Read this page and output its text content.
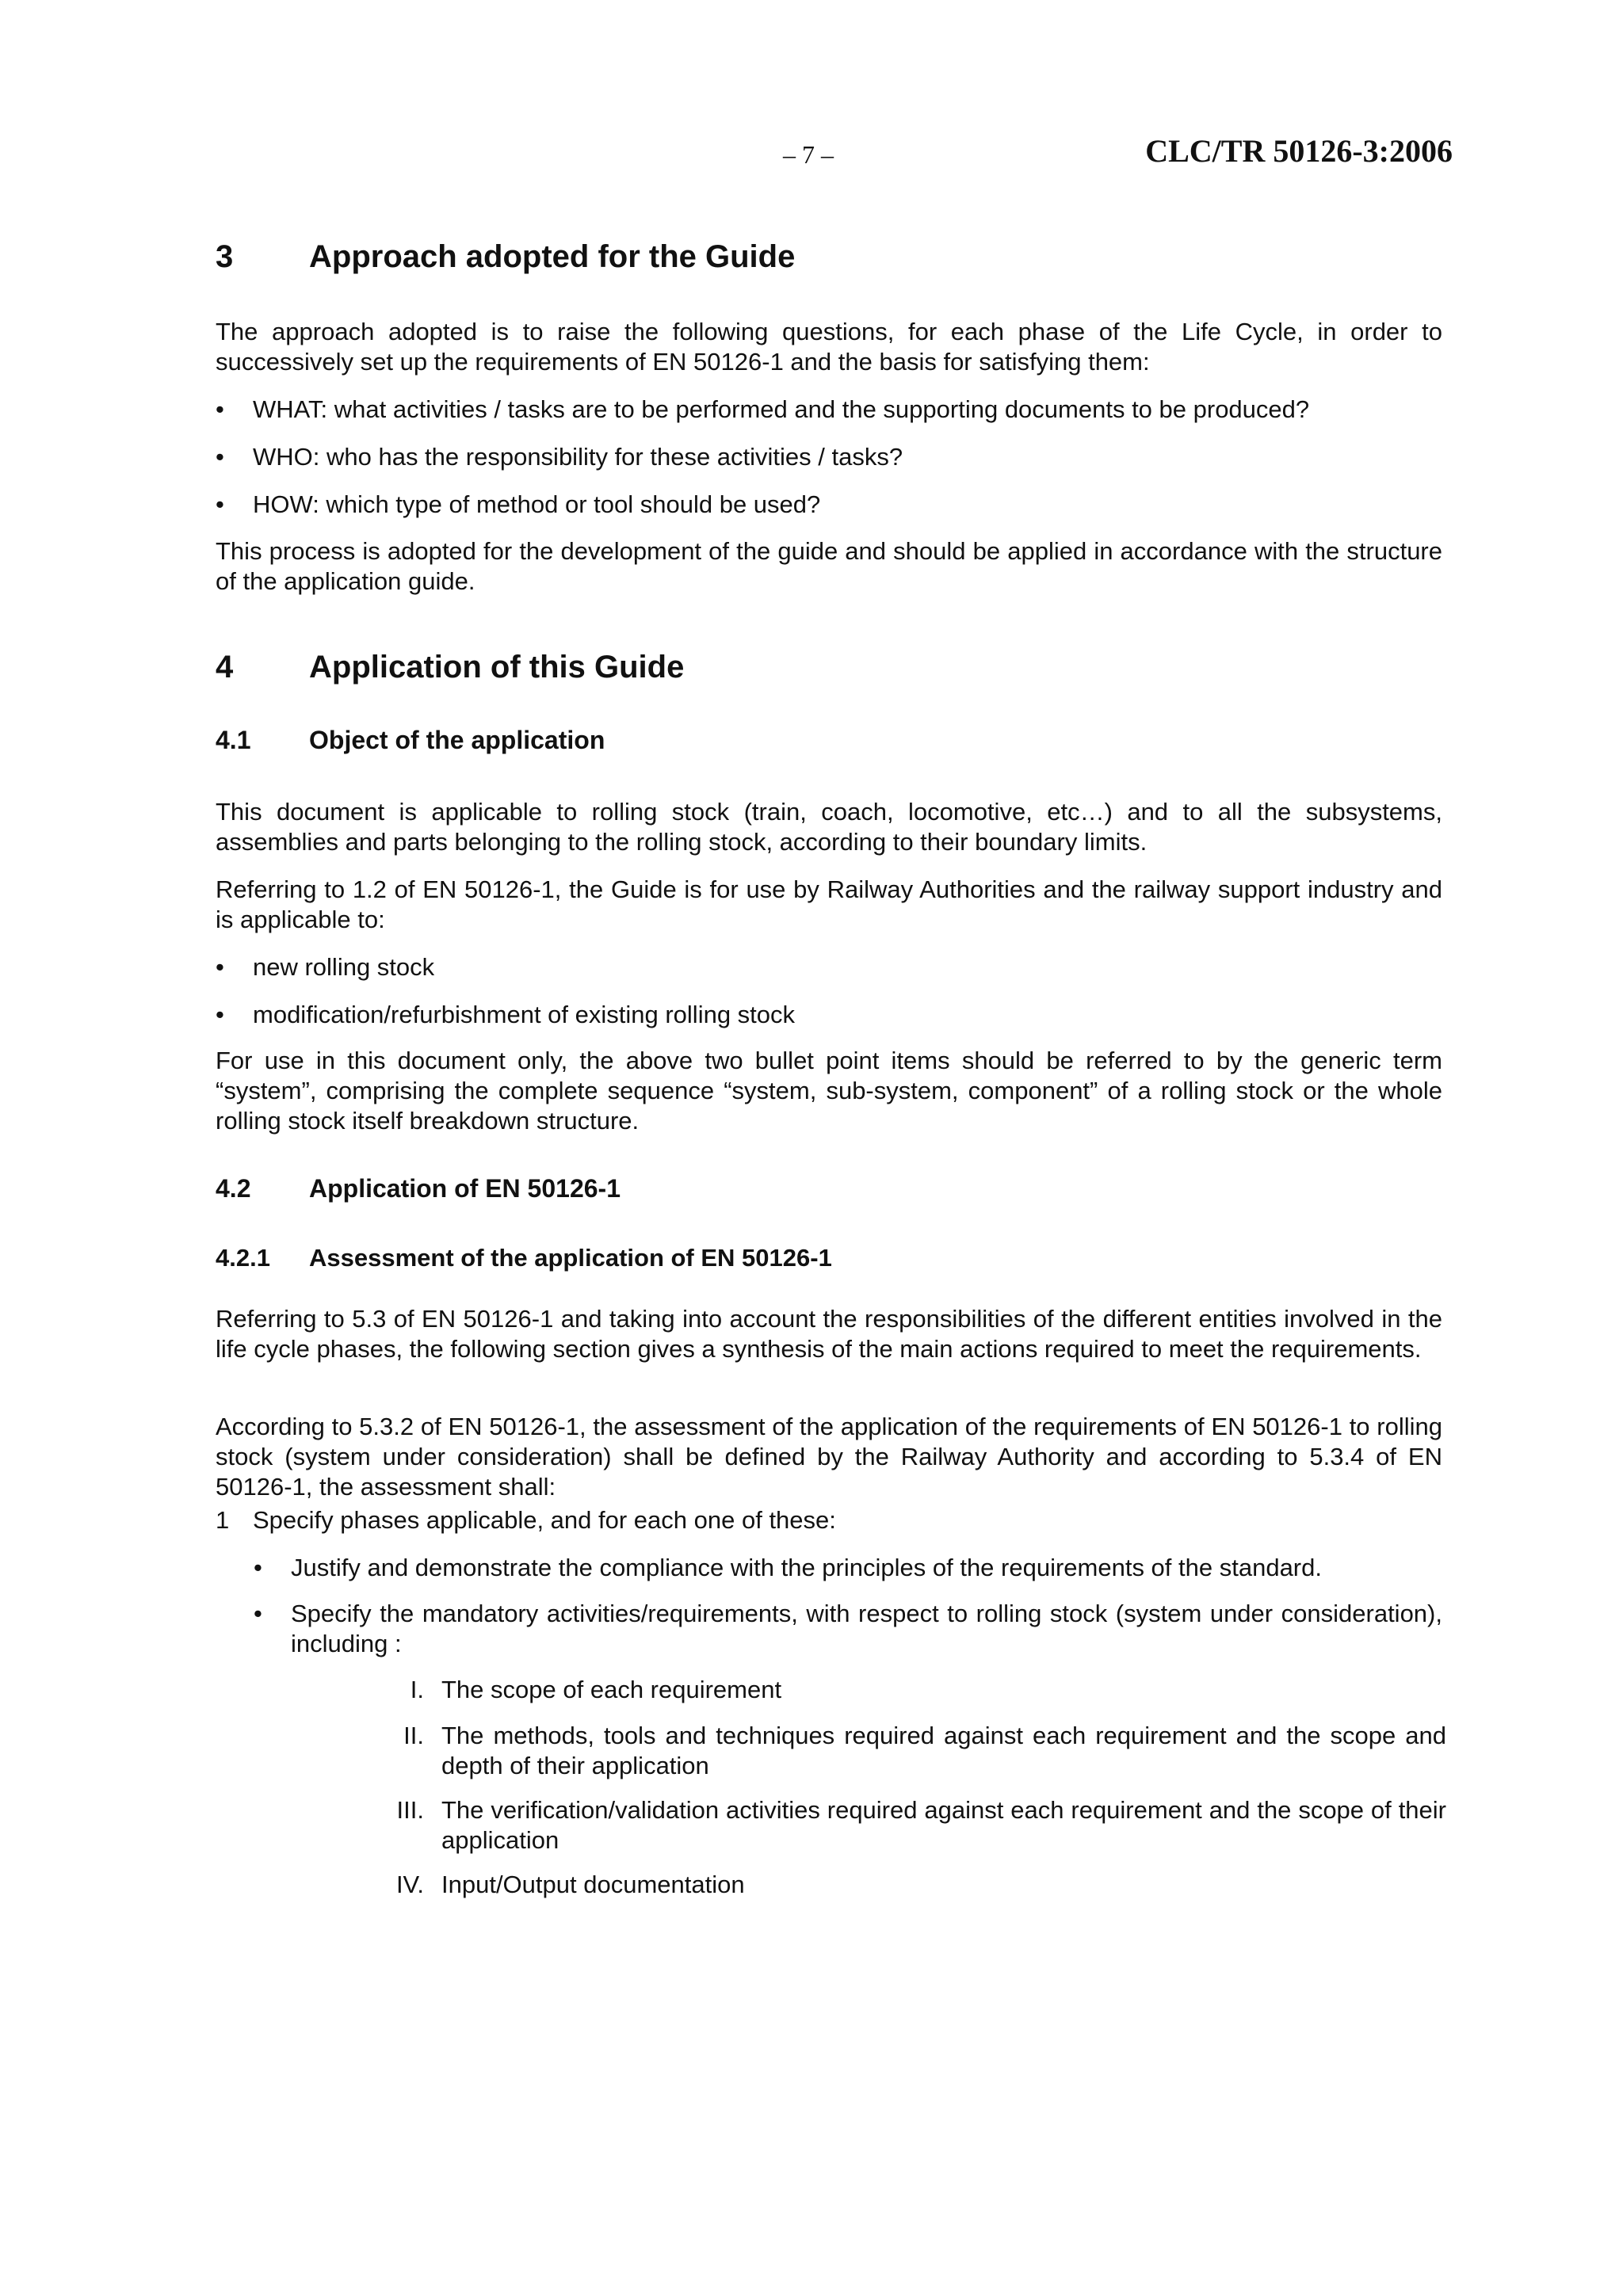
– 7 –	CLC/TR 50126-3:2006
3	Approach adopted for the Guide
The approach adopted is to raise the following questions, for each phase of the Life Cycle, in order to successively set up the requirements of EN 50126-1 and the basis for satisfying them:
• WHAT: what activities / tasks are to be performed and the supporting documents to be produced?
• WHO: who has the responsibility for these activities / tasks?
• HOW: which type of method or tool should be used?
This process is adopted for the development of the guide and should be applied in accordance with the structure of the application guide.
4	Application of this Guide
4.1	Object of the application
This document is applicable to rolling stock (train, coach, locomotive, etc…) and to all the subsystems, assemblies and parts belonging to the rolling stock, according to their boundary limits.
Referring to 1.2 of EN 50126-1, the Guide is for use by Railway Authorities and the railway support industry and is applicable to:
• new rolling stock
• modification/refurbishment of existing rolling stock
For use in this document only, the above two bullet point items should be referred to by the generic term “system”, comprising the complete sequence “system, sub-system, component” of a rolling stock or the whole rolling stock itself breakdown structure.
4.2	Application of EN 50126-1
4.2.1	Assessment of the application of EN 50126-1
Referring to 5.3 of EN 50126-1 and taking into account the responsibilities of the different entities involved in the life cycle phases, the following section gives a synthesis of the main actions required to meet the requirements.
According to 5.3.2 of EN 50126-1, the assessment of the application of the requirements of EN 50126-1 to rolling stock (system under consideration) shall be defined by the Railway Authority and according to 5.3.4 of EN 50126-1, the assessment shall:
1 Specify phases applicable, and for each one of these:
• Justify and demonstrate the compliance with the principles of the requirements of the standard.
• Specify the mandatory activities/requirements, with respect to rolling stock (system under consideration), including :
I. The scope of each requirement
II. The methods, tools and techniques required against each requirement and the scope and depth of their application
III. The verification/validation activities required against each requirement and the scope of their application
IV. Input/Output documentation
